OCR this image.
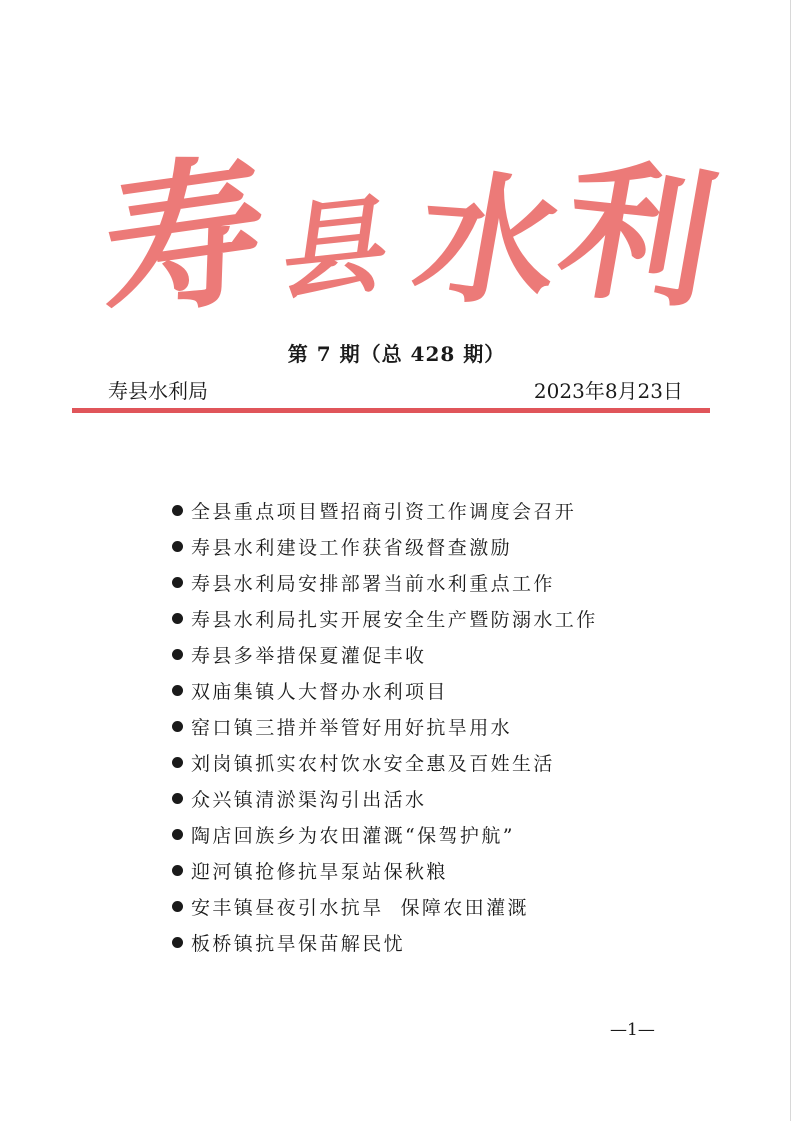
寿 县 水
利
第 7 期（总 428 期）
寿县水利局	2023年8月23日
全县重点项目暨招商引资工作调度会召开
寿县水利建设工作获省级督查激励
寿县水利局安排部署当前水利重点工作
寿县水利局扎实开展安全生产暨防溺水工作
寿县多举措保夏灌促丰收
双庙集镇人大督办水利项目
窑口镇三措并举管好用好抗旱用水
刘岗镇抓实农村饮水安全惠及百姓生活
众兴镇清淤渠沟引出活水
陶店回族乡为农田灌溉“保驾护航”
迎河镇抢修抗旱泵站保秋粮
安丰镇昼夜引水抗旱  保障农田灌溉
板桥镇抗旱保苗解民忧
—1—
